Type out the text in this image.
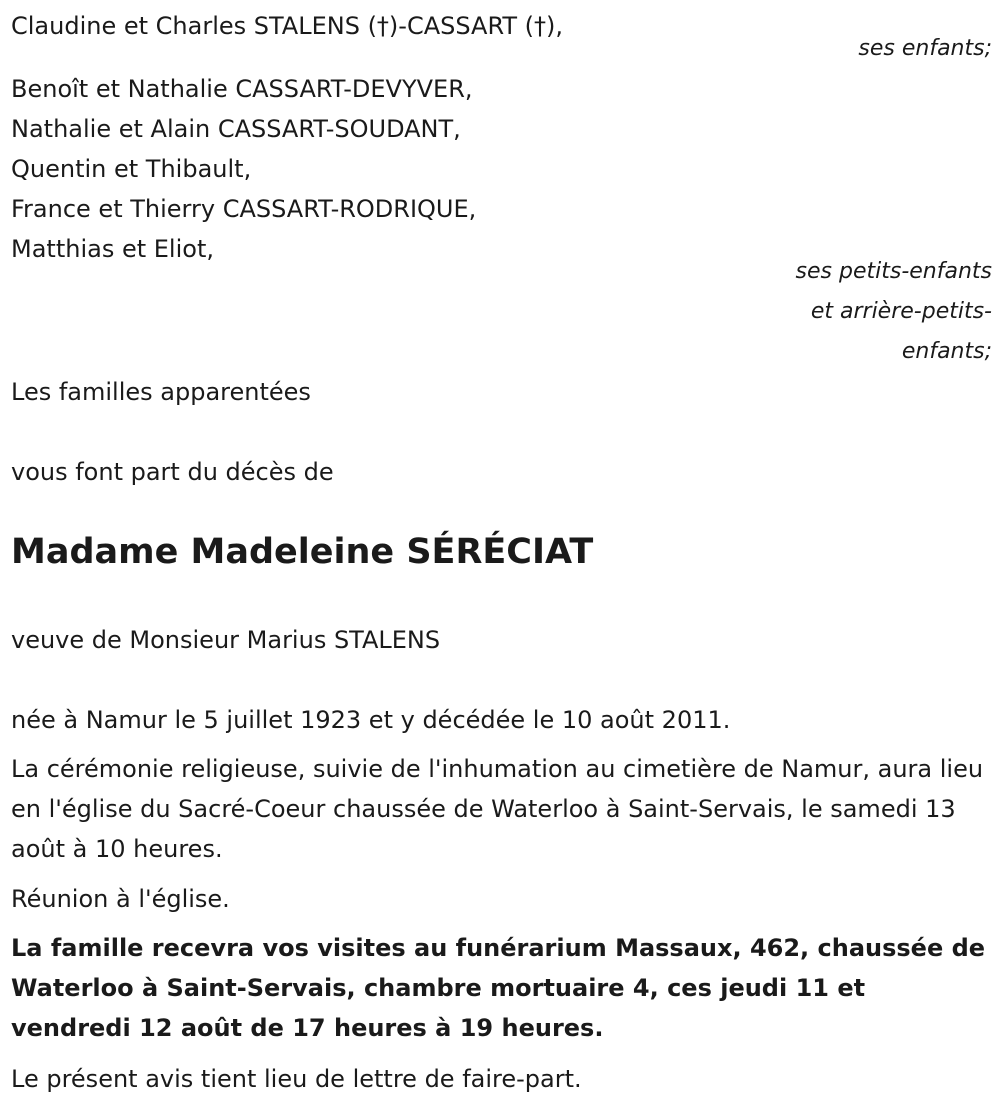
Claudine et Charles STALENS (†)-CASSART (†),
ses enfants;
Benoît et Nathalie CASSART-DEVYVER,
Nathalie et Alain CASSART-SOUDANT,
Quentin et Thibault,
France et Thierry CASSART-RODRIQUE,
Matthias et Eliot,
ses petits-enfants
et arrière-petits-
enfants;
Les familles apparentées
vous font part du décès de
Madame Madeleine SÉRÉCIAT
veuve de Monsieur Marius STALENS
née à Namur le 5 juillet 1923 et y décédée le 10 août 2011.
La cérémonie religieuse, suivie de l'inhumation au cimetière de Namur, aura lieu en l'église du Sacré-Coeur chaussée de Waterloo à Saint-Servais, le samedi 13 août à 10 heures.
Réunion à l'église.
La famille recevra vos visites au funérarium Massaux, 462, chaussée de Waterloo à Saint-Servais, chambre mortuaire 4, ces jeudi 11 et vendredi 12 août de 17 heures à 19 heures.
Le présent avis tient lieu de lettre de faire-part.
